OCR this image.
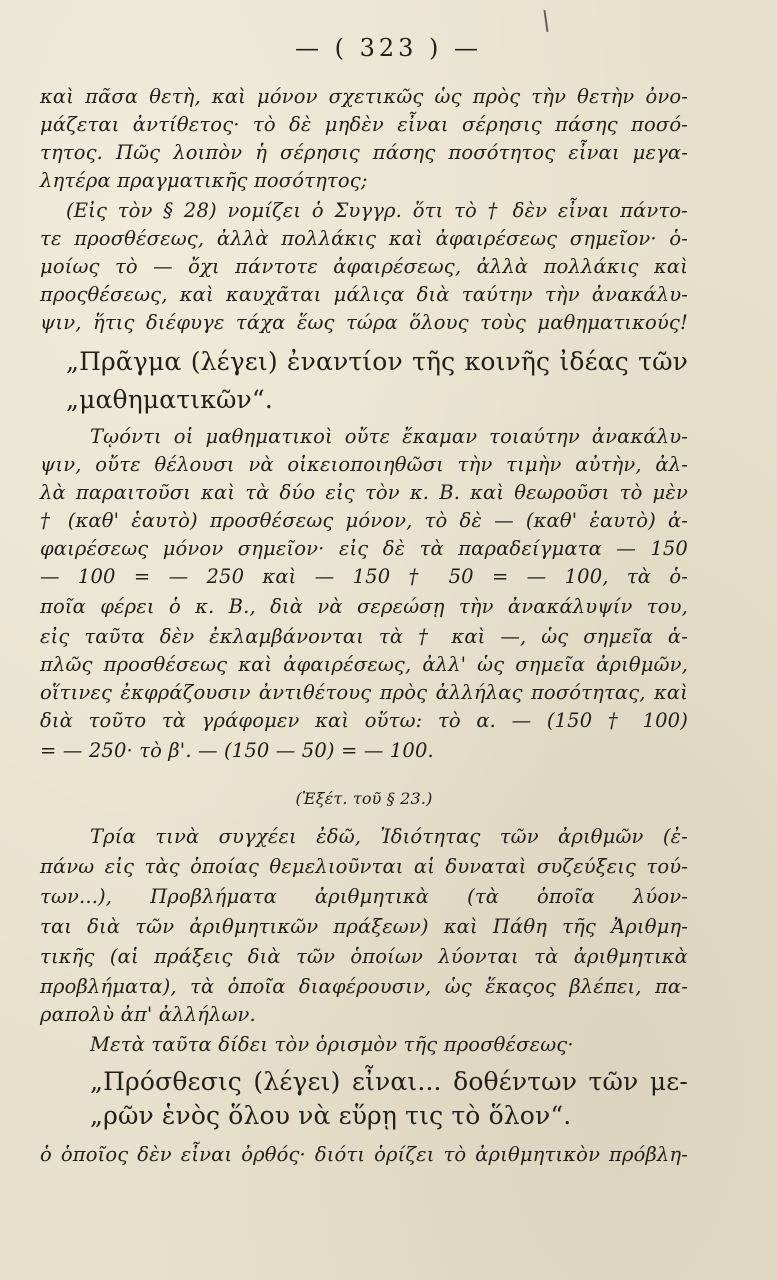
— ( 323 ) —
καὶ πᾶσα θετὴ, καὶ μόνον σχετικῶς ὡς πρὸς τὴν θετὴν ὀνο-
μάζεται ἀντίθετος· τὸ δὲ μηδὲν εἶναι σέρησις πάσης ποσό-
τητος. Πῶς λοιπὸν ἡ σέρησις πάσης ποσότητος εἶναι μεγα-
λητέρα πραγματικῆς ποσότητος;
(Εἰς τὸν § 28) νομίζει ὁ Συγγρ. ὅτι τὸ † δὲν εἶναι πάντο-
τε προσθέσεως, ἀλλὰ πολλάκις καὶ ἀφαιρέσεως σημεῖον· ὁ-
μοίως τὸ — ὄχι πάντοτε ἀφαιρέσεως, ἀλλὰ πολλάκις καὶ
προςθέσεως, καὶ καυχᾶται μάλιςα διὰ ταύτην τὴν ἀνακάλυ-
ψιν, ἥτις διέφυγε τάχα ἕως τώρα ὅλους τοὺς μαθηματικούς!
„Πρᾶγμα (λέγει) ἐναντίον τῆς κοινῆς ἰδέας τῶν
„μαθηματικῶν“.
Τῳόντι οἱ μαθηματικοὶ οὔτε ἔκαμαν τοιαύτην ἀνακάλυ-
ψιν, οὔτε θέλουσι νὰ οἰκειοποιηθῶσι τὴν τιμὴν αὐτὴν, ἀλ-
λὰ παραιτοῦσι καὶ τὰ δύο εἰς τὸν κ. Β. καὶ θεωροῦσι τὸ μὲν
† (καθ' ἑαυτὸ) προσθέσεως μόνον, τὸ δὲ — (καθ' ἑαυτὸ) ἀ-
φαιρέσεως μόνον σημεῖον· εἰς δὲ τὰ παραδείγματα — 150
— 100 = — 250 καὶ — 150 † 50 = — 100, τὰ ὁ-
ποῖα φέρει ὁ κ. Β., διὰ νὰ σερεώσῃ τὴν ἀνακάλυψίν του,
εἰς ταῦτα δὲν ἐκλαμβάνονται τὰ † καὶ —, ὡς σημεῖα ἁ-
πλῶς προσθέσεως καὶ ἀφαιρέσεως, ἀλλ' ὡς σημεῖα ἀριθμῶν,
οἵτινες ἐκφράζουσιν ἀντιθέτους πρὸς ἀλλήλας ποσότητας, καὶ
διὰ τοῦτο τὰ γράφομεν καὶ οὕτω: τὸ α. — (150 † 100)
= — 250· τὸ β'. — (150 — 50) = — 100.
(Ἐξέτ. τοῦ § 23.)
Τρία τινὰ συγχέει ἐδῶ, Ἰδιότητας τῶν ἀριθμῶν (ἐ-
πάνω εἰς τὰς ὁποίας θεμελιοῦνται αἱ δυναταὶ συζεύξεις τού-
των...), Προβλήματα ἀριθμητικὰ (τὰ ὁποῖα λύον-
ται διὰ τῶν ἀριθμητικῶν πράξεων) καὶ Πάθη τῆς Ἀριθμη-
τικῆς (αἱ πράξεις διὰ τῶν ὁποίων λύονται τὰ ἀριθμητικὰ
προβλήματα), τὰ ὁποῖα διαφέρουσιν, ὡς ἕκαςος βλέπει, πα-
ραπολὺ ἀπ' ἀλλήλων.
Μετὰ ταῦτα δίδει τὸν ὁρισμὸν τῆς προσθέσεως·
„Πρόσθεσις (λέγει) εἶναι... δοθέντων τῶν με-
„ρῶν ἑνὸς ὅλου νὰ εὕρῃ τις τὸ ὅλον“.
ὁ ὁποῖος δὲν εἶναι ὀρθός· διότι ὁρίζει τὸ ἀριθμητικὸν πρόβλη-
